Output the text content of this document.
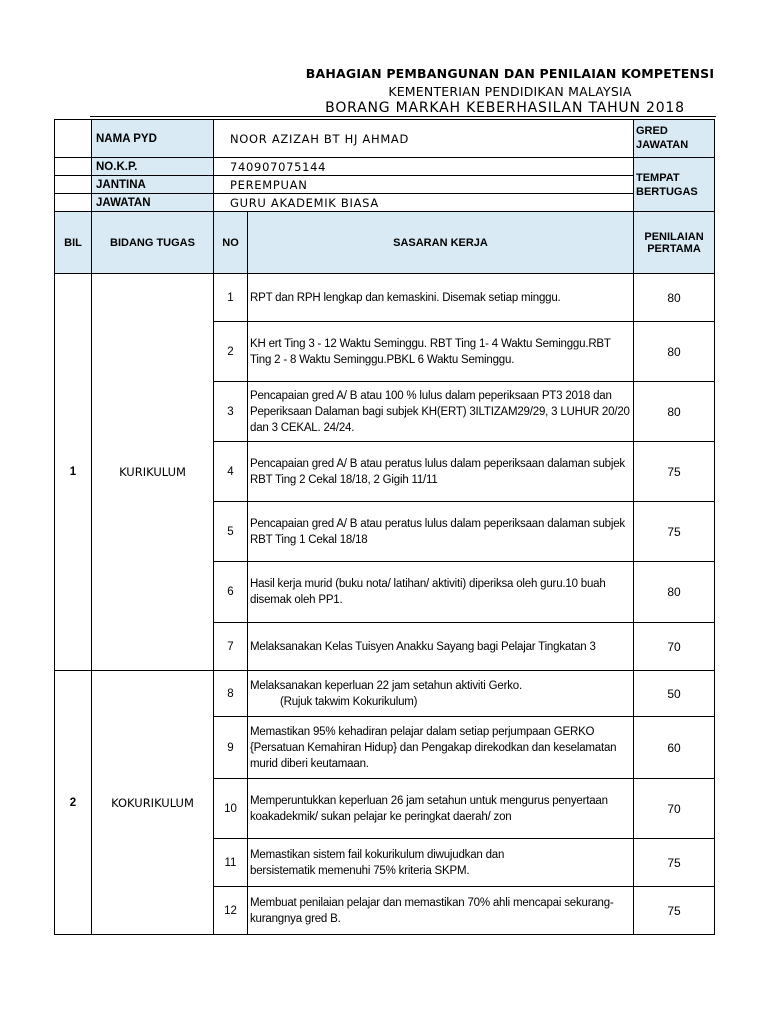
BAHAGIAN PEMBANGUNAN DAN PENILAIAN KOMPETENSI
KEMENTERIAN PENDIDIKAN MALAYSIA
BORANG MARKAH KEBERHASILAN TAHUN 2018
	NAMA PYD	NOOR AZIZAH BT HJ AHMAD		GRED JAWATAN
	NO.K.P.	740907075144		TEMPAT BERTUGAS
	JANTINA	PEREMPUAN		
	JAWATAN	GURU AKADEMIK BIASA		
BIL	BIDANG TUGAS	NO	SASARAN KERJA	PENILAIAN PERTAMA
1	KURIKULUM	1	RPT dan RPH lengkap dan kemaskini. Disemak setiap minggu.	80
		2	KH ert Ting 3 - 12 Waktu Seminggu. RBT Ting 1- 4 Waktu Seminggu.RBT Ting 2 - 8 Waktu Seminggu.PBKL 6 Waktu Seminggu.	80
		3	Pencapaian gred A/ B atau 100 % lulus dalam peperiksaan PT3 2018 dan Peperiksaan Dalaman bagi subjek KH(ERT) 3ILTIZAM29/29, 3 LUHUR 20/20 dan 3 CEKAL. 24/24.	80
		4	Pencapaian gred A/ B atau peratus lulus dalam peperiksaan dalaman subjek RBT Ting 2 Cekal 18/18, 2 Gigih 11/11	75
		5	Pencapaian gred A/ B atau peratus lulus dalam peperiksaan dalaman subjek RBT Ting 1 Cekal 18/18	75
		6	Hasil kerja murid (buku nota/ latihan/ aktiviti) diperiksa oleh guru.10 buah disemak oleh PP1.	80
		7	Melaksanakan Kelas Tuisyen Anakku Sayang bagi Pelajar Tingkatan 3	70
2	KOKURIKULUM	8	Melaksanakan keperluan 22 jam setahun aktiviti Gerko.
(Rujuk takwim Kokurikulum)	50
		9	Memastikan 95% kehadiran pelajar dalam setiap perjumpaan GERKO {Persatuan Kemahiran Hidup} dan Pengakap direkodkan dan keselamatan murid diberi keutamaan.	60
		10	Memperuntukkan keperluan 26 jam setahun untuk mengurus penyertaan koakadekmik/ sukan pelajar ke peringkat daerah/ zon	70
		11	Memastikan sistem fail kokurikulum diwujudkan dan
bersistematik memenuhi 75% kriteria SKPM.	75
		12	Membuat penilaian pelajar dan memastikan 70% ahli mencapai sekurang-kurangnya gred B.	75
